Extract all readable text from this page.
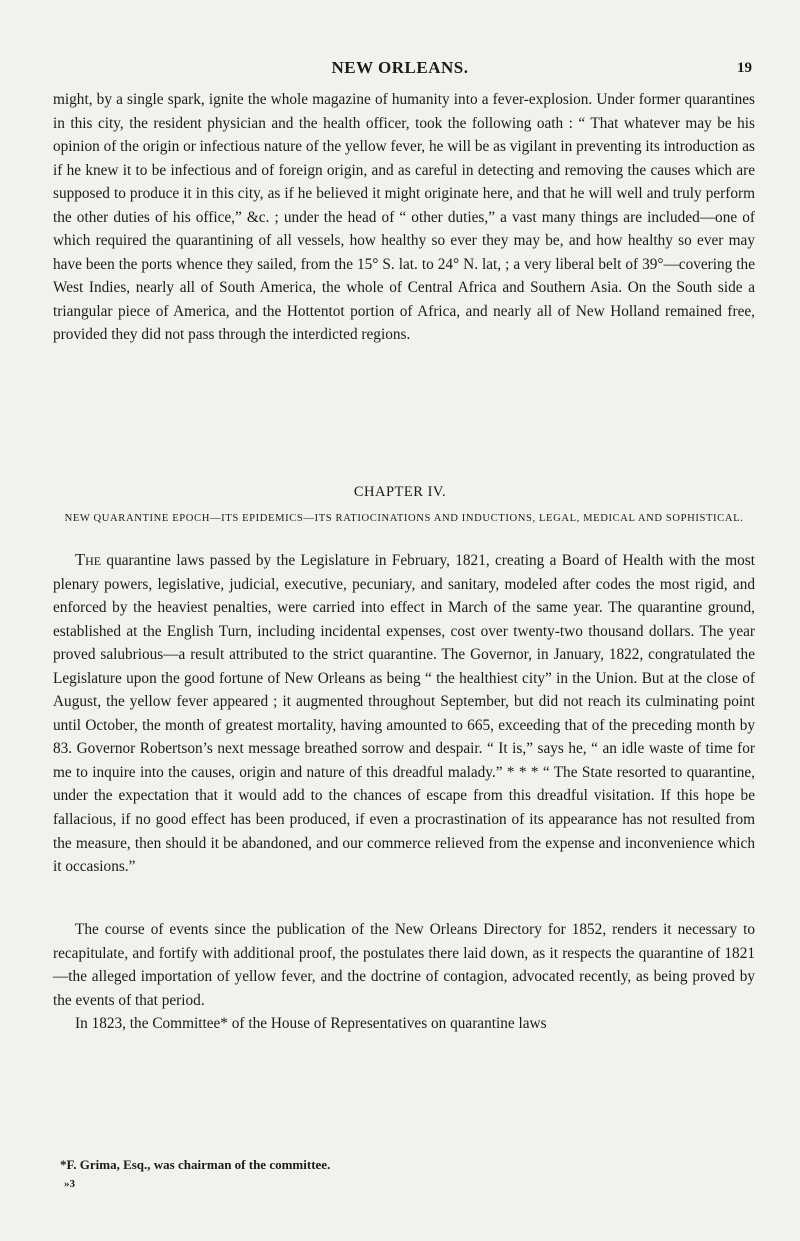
NEW ORLEANS.	19

might, by a single spark, ignite the whole magazine of humanity into a fever-explosion. Under former quarantines in this city, the resident physician and the health officer, took the following oath : “ That whatever may be his opinion of the origin or infectious nature of the yellow fever, he will be as vigilant in preventing its introduction as if he knew it to be infectious and of foreign origin, and as careful in detecting and removing the causes which are supposed to produce it in this city, as if he believed it might originate here, and that he will well and truly perform the other duties of his office,” &c. ; under the head of “ other duties,” a vast many things are included—one of which required the quarantining of all vessels, how healthy so ever they may be, and how healthy so ever may have been the ports whence they sailed, from the 15° S. lat. to 24° N. lat, ; a very liberal belt of 39°—covering the West Indies, nearly all of South America, the whole of Central Africa and Southern Asia. On the South side a triangular piece of America, and the Hottentot portion of Africa, and nearly all of New Holland remained free, provided they did not pass through the interdicted regions.

CHAPTER IV.
NEW QUARANTINE EPOCH—ITS EPIDEMICS—ITS RATIOCINATIONS AND INDUCTIONS, LEGAL, MEDICAL AND SOPHISTICAL.

The quarantine laws passed by the Legislature in February, 1821, creating a Board of Health with the most plenary powers, legislative, judicial, executive, pecuniary, and sanitary, modeled after codes the most rigid, and enforced by the heaviest penalties, were carried into effect in March of the same year. The quarantine ground, established at the English Turn, including incidental expenses, cost over twenty-two thousand dollars. The year proved salubrious—a result attributed to the strict quarantine. The Governor, in January, 1822, congratulated the Legislature upon the good fortune of New Orleans as being “ the healthiest city” in the Union. But at the close of August, the yellow fever appeared ; it augmented throughout September, but did not reach its culminating point until October, the month of greatest mortality, having amounted to 665, exceeding that of the preceding month by 83. Governor Robertson’s next message breathed sorrow and despair. “ It is,” says he, “ an idle waste of time for me to inquire into the causes, origin and nature of this dreadful malady.” * * * “ The State resorted to quarantine, under the expectation that it would add to the chances of escape from this dreadful visitation. If this hope be fallacious, if no good effect has been produced, if even a procrastination of its appearance has not resulted from the measure, then should it be abandoned, and our commerce relieved from the expense and inconvenience which it occasions.”

The course of events since the publication of the New Orleans Directory for 1852, renders it necessary to recapitulate, and fortify with additional proof, the postulates there laid down, as it respects the quarantine of 1821—the alleged importation of yellow fever, and the doctrine of contagion, advocated recently, as being proved by the events of that period.

In 1823, the Committee* of the House of Representatives on quarantine laws

*F. Grima, Esq., was chairman of the committee.
»3
